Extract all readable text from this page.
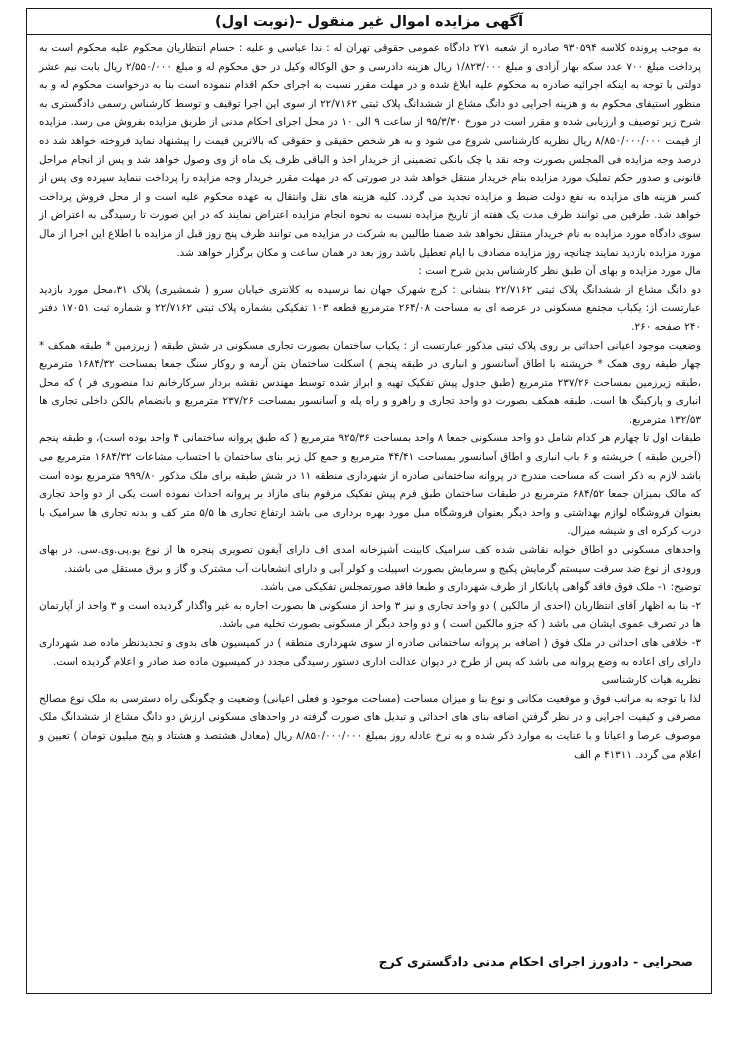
آگهی مزایده اموال غیر منقول –(نوبت اول)

به موجب پرونده کلاسه ۹۳۰۵۹۴ صادره از شعبه ۲۷۱ دادگاه عمومی حقوقی تهران له : ندا عباسی و علیه : حسام انتظاریان محکوم علیه محکوم است به پرداخت مبلغ ۷۰۰ عدد سکه بهار آزادی و مبلغ ۱/۸۲۳/۰۰۰ ریال هزینه دادرسی و حق الوکاله وکیل در حق محکوم له و مبلغ ۲/۵۵۰/۰۰۰ ریال بابت نیم عشر دولتی با توجه به اینکه اجرائیه صادره به محکوم علیه ابلاغ شده و در مهلت مقرر نسبت به اجرای حکم اقدام ننموده است بنا به درخواست محکوم له و به منظور استیفای محکوم به و هزینه اجرایی دو دانگ مشاع از ششدانگ پلاک ثبتی ۲۲/۷۱۶۲ از سوی این اجرا توقیف و توسط کارشناس رسمی دادگستری به شرح زیر توصیف و ارزیابی شده و مقرر است در مورخ ۹۵/۳/۳۰ از ساعت ۹ الی ۱۰ در محل اجرای احکام مدنی از طریق مزایده بفروش می رسد. مزایده از قیمت ۸/۸۵۰/۰۰۰/۰۰۰ ریال نظریه کارشناسی شروع می شود و به هر شخص حقیقی و حقوقی که بالاترین قیمت را پیشنهاد نماید فروخته خواهد شد ده درصد وجه مزایده فی المجلس بصورت وجه نقد یا چک بانکی تضمینی از خریدار اخذ و الباقی ظرف یک ماه از وی وصول خواهد شد و پس از انجام مراحل قانونی و صدور حکم تملیک مورد مزایده بنام خریدار منتقل خواهد شد در صورتی که در مهلت مقرر خریدار وجه مزایده را پرداخت ننماید سپرده وی پس از کسر هزینه های مزایده به نفع دولت ضبط و مزایده تجدید می گردد. کلیه هزینه های نقل وانتقال به عهده محکوم علیه است و از محل فروش پرداخت خواهد شد. طرفین می توانند ظرف مدت یک هفته از تاریخ مزایده نسبت به نحوه انجام مزایده اعتراض نمایند که در این صورت تا رسیدگی به اعتراض از سوی دادگاه مورد مزایده به نام خریدار منتقل نخواهد شد ضمنا طالبین به شرکت در مزایده می توانند ظرف پنج روز قبل از مزایده با اطلاع این اجرا از مال مورد مزایده بازدید نمایند چنانچه روز مزایده مصادف با ایام تعطیل باشد روز بعد در همان ساعت و مکان برگزار خواهد شد.

مال مورد مزایده و بهای آن طبق نظر کارشناس بدین شرح است :

دو دانگ مشاع از ششدانگ پلاک ثبتی ۲۲/۷۱۶۲ بنشانی : کرج شهرک جهان نما نرسیده به کلانتری خیابان سرو ( شمشیری) پلاک ۳۱،محل مورد بازدید عبارتست از: یکباب مجتمع مسکونی در عرصه ای به مساحت ۲۶۴/۰۸ مترمربع قطعه ۱۰۳ تفکیکی بشماره پلاک ثبتی ۲۲/۷۱۶۲ و شماره ثبت ۱۷۰۵۱ دفتر ۲۴۰ صفحه ۲۶۰.

وضعیت موجود اعیانی احداثی بر روی پلاک ثبتی مذکور عبارتست از : یکباب ساختمان بصورت تجاری مسکونی در شش طبقه ( زیرزمین * طبقه همکف * چهار طبقه روی همک * خرپشته با اطاق آسانسور و انباری در طبقه پنجم ) اسکلت ساختمان بتن آرمه و روکار سنگ جمعا بمساحت ۱۶۸۴/۳۲ مترمربع ،طبقه زیرزمین بمساحت ۲۳۷/۲۶ مترمربع (طبق جدول پیش تفکیک تهیه و ابراز شده توسط مهندس نقشه بردار سرکارخانم ندا منصوری فر ) که محل انباری و پارکینگ ها است. طبقه همکف بصورت دو واحد تجاری و راهرو و راه پله و آسانسور بمساحت ۲۳۷/۲۶ مترمربع و بانضمام بالکن داخلی تجاری ها ۱۳۲/۵۳ مترمربع.

طبقات اول تا چهارم هر کدام شامل دو واحد مسکونی جمعا ۸ واحد بمساحت ۹۲۵/۳۶ مترمربع ( که طبق پروانه ساختمانی ۴ واحد بوده است)، و طبقه پنجم (آخرین طبقه ) خرپشته و ۶ باب انباری و اطاق آسانسور بمساحت ۴۴/۴۱ مترمربع و جمع کل زیر بنای ساختمان با احتساب مشاعات ۱۶۸۴/۳۲ مترمربع می باشد لازم به ذکر است که مساحت مندرج در پروانه ساختمانی صادره از شهرداری منطقه ۱۱ در شش طبقه برای ملک مذکور ۹۹۹/۸۰ مترمربع بوده است که مالک بمیزان جمعا ۶۸۴/۵۲ مترمربع در طبقات ساختمان طبق فرم پیش تفکیک مرقوم بنای مازاد بر پروانه احداث نموده است یکی از دو واحد تجاری بعنوان فروشگاه لوازم بهداشتی و واحد دیگر بعنوان فروشگاه مبل مورد بهره برداری می باشد ارتفاع تجاری ها ۵/۵ متر کف و بدنه تجاری ها سرامیک با درب کرکره ای و شیشه میرال.

واحدهای مسکونی دو اطاق خوابه نقاشی شده کف سرامیک کابینت آشپزخانه امدی اف دارای آیفون تصویری پنجره ها از نوع یو.پی.وی.سی. در بهای ورودی از نوع ضد سرقت سیستم گرمایش پکیج و سرمایش بصورت اسپیلت و کولر آبی و دارای انشعابات آب مشترک و گاز و برق مستقل می باشند.

توضیح: ۱- ملک فوق فاقد گواهی پایانکار از طرف شهرداری و طبعا فاقد صورتمجلس تفکیکی می باشد.

۲- بنا به اظهار آقای انتظاریان (احدی از مالکین ) دو واحد تجاری و نیز ۳ واحد از مسکونی ها بصورت اجاره به غیر واگذار گردیده است و ۳ واحد از آپارتمان ها در تصرف عموی ایشان می باشد ( که جزو مالکین است ) و دو واحد دیگر از مسکونی بصورت تخلیه می باشد.

۳- خلافی های احداثی در ملک فوق ( اضافه بر پروانه ساختمانی صادره از سوی شهرداری منطقه ) در کمیسیون های بدوی و تجدیدنظر ماده صد شهرداری دارای رای اعاده به وضع پروانه می باشد که پس از طرح در دیوان عدالت اداری دستور رسیدگی مجدد در کمیسیون ماده صد صادر و اعلام گردیده است.

نظریه هیات کارشناسی

لذا با توجه به مراتب فوق و موقعیت مکانی و نوع بنا و میزان مساحت (مساحت موجود و فعلی اعیانی) وضعیت و چگونگی راه دسترسی به ملک نوع مصالح مصرفی و کیفیت اجرایی و در نظر گرفتن اضافه بنای های احداثی و تبدیل های صورت گرفته در واحدهای مسکونی ارزش دو دانگ مشاع از ششدانگ ملک موصوف عرصا و اعیانا و با عنایت به موارد ذکر شده و به نرخ عادله روز بمبلغ ۸/۸۵۰/۰۰۰/۰۰۰ ریال (معادل هشتصد و هشتاد و پنج میلیون تومان ) تعیین و اعلام می گردد. ۴۱۳۱۱ م الف

صحرایی - دادورز اجرای احکام مدنی دادگستری کرج
